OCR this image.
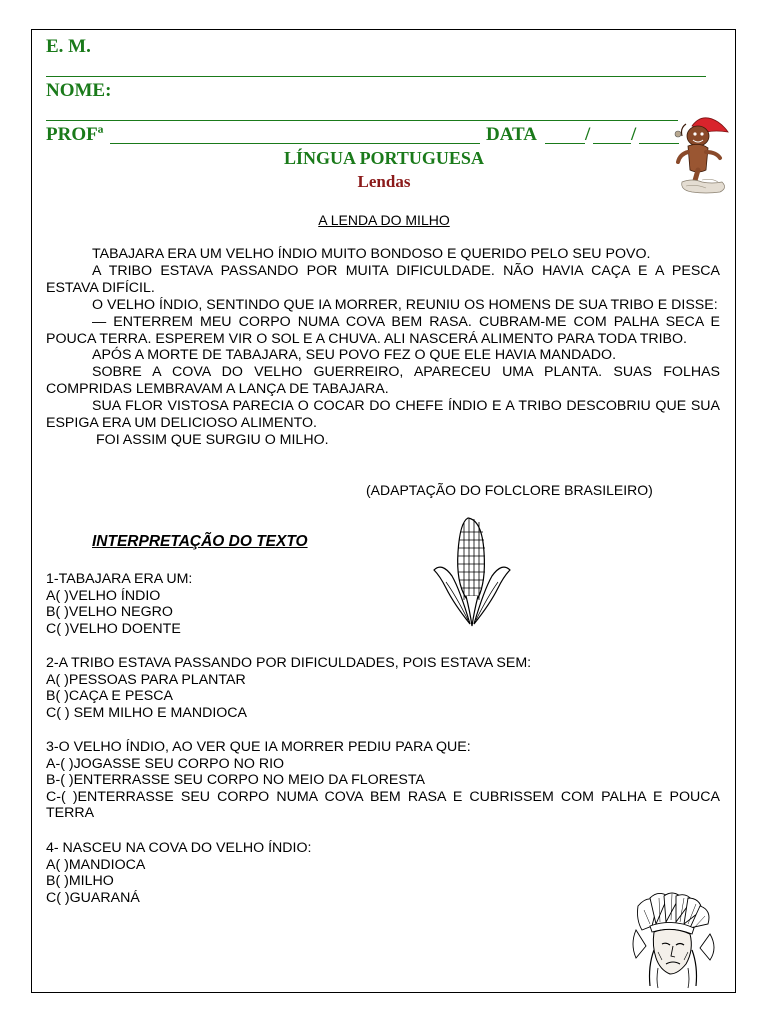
E. M.
NOME:
PROFª	DATA	/ /
LÍNGUA PORTUGUESA
Lendas
A LENDA DO MILHO

TABAJARA ERA UM VELHO ÍNDIO MUITO BONDOSO E QUERIDO PELO SEU POVO.

A TRIBO ESTAVA PASSANDO POR MUITA DIFICULDADE. NÃO HAVIA CAÇA E A PESCA ESTAVA DIFÍCIL.

O VELHO ÍNDIO, SENTINDO QUE IA MORRER, REUNIU OS HOMENS DE SUA TRIBO E DISSE:

— ENTERREM MEU CORPO NUMA COVA BEM RASA. CUBRAM-ME COM PALHA SECA E POUCA TERRA. ESPEREM VIR O SOL E A CHUVA. ALI NASCERÁ ALIMENTO PARA TODA TRIBO.

APÓS A MORTE DE TABAJARA, SEU POVO FEZ O QUE ELE HAVIA MANDADO.

SOBRE A COVA DO VELHO GUERREIRO, APARECEU UMA PLANTA. SUAS FOLHAS COMPRIDAS LEMBRAVAM A LANÇA DE TABAJARA.

SUA FLOR VISTOSA PARECIA O COCAR DO CHEFE ÍNDIO E A TRIBO DESCOBRIU QUE SUA ESPIGA ERA UM DELICIOSO ALIMENTO.

FOI ASSIM QUE SURGIU O MILHO.

(ADAPTAÇÃO DO FOLCLORE BRASILEIRO)
INTERPRETAÇÃO DO TEXTO
1-TABAJARA ERA UM:
A( )VELHO ÍNDIO
B( )VELHO NEGRO
C( )VELHO DOENTE
2-A TRIBO ESTAVA PASSANDO POR DIFICULDADES, POIS ESTAVA SEM:
A( )PESSOAS PARA PLANTAR
B( )CAÇA E PESCA
C( ) SEM MILHO E MANDIOCA
3-O VELHO ÍNDIO, AO VER QUE IA MORRER PEDIU PARA QUE:
A-( )JOGASSE SEU CORPO NO RIO
B-( )ENTERRASSE SEU CORPO NO MEIO DA FLORESTA
C-( )ENTERRASSE SEU CORPO NUMA COVA BEM RASA E CUBRISSEM COM PALHA E POUCA TERRA
4- NASCEU NA COVA DO VELHO ÍNDIO:
A( )MANDIOCA
B( )MILHO
C( )GUARANÁ
